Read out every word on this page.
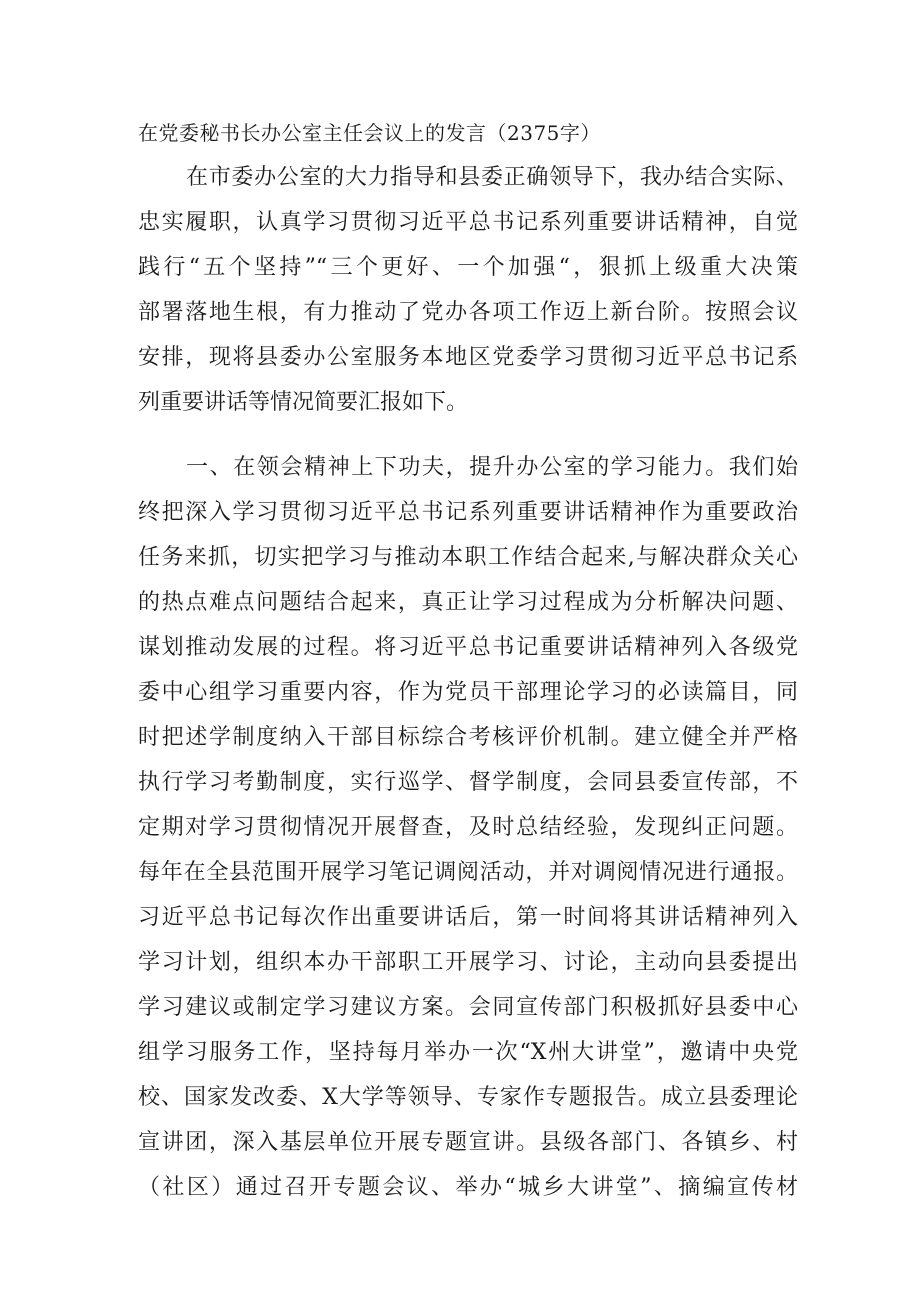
在党委秘书长办公室主任会议上的发言（2375字）
在市委办公室的大力指导和县委正确领导下，我办结合实际、
忠实履职，认真学习贯彻习近平总书记系列重要讲话精神，自觉
践行“五个坚持”“三个更好、一个加强“，狠抓上级重大决策
部署落地生根，有力推动了党办各项工作迈上新台阶。按照会议
安排，现将县委办公室服务本地区党委学习贯彻习近平总书记系
列重要讲话等情况简要汇报如下。
一、在领会精神上下功夫，提升办公室的学习能力。我们始
终把深入学习贯彻习近平总书记系列重要讲话精神作为重要政治
任务来抓，切实把学习与推动本职工作结合起来,与解决群众关心
的热点难点问题结合起来，真正让学习过程成为分析解决问题、
谋划推动发展的过程。将习近平总书记重要讲话精神列入各级党
委中心组学习重要内容，作为党员干部理论学习的必读篇目，同
时把述学制度纳入干部目标综合考核评价机制。建立健全并严格
执行学习考勤制度，实行巡学、督学制度，会同县委宣传部，不
定期对学习贯彻情况开展督查，及时总结经验，发现纠正问题。
每年在全县范围开展学习笔记调阅活动，并对调阅情况进行通报。
习近平总书记每次作出重要讲话后，第一时间将其讲话精神列入
学习计划，组织本办干部职工开展学习、讨论，主动向县委提出
学习建议或制定学习建议方案。会同宣传部门积极抓好县委中心
组学习服务工作，坚持每月举办一次“X州大讲堂”，邀请中央党
校、国家发改委、X大学等领导、专家作专题报告。成立县委理论
宣讲团，深入基层单位开展专题宣讲。县级各部门、各镇乡、村
（社区）通过召开专题会议、举办“城乡大讲堂”、摘编宣传材
